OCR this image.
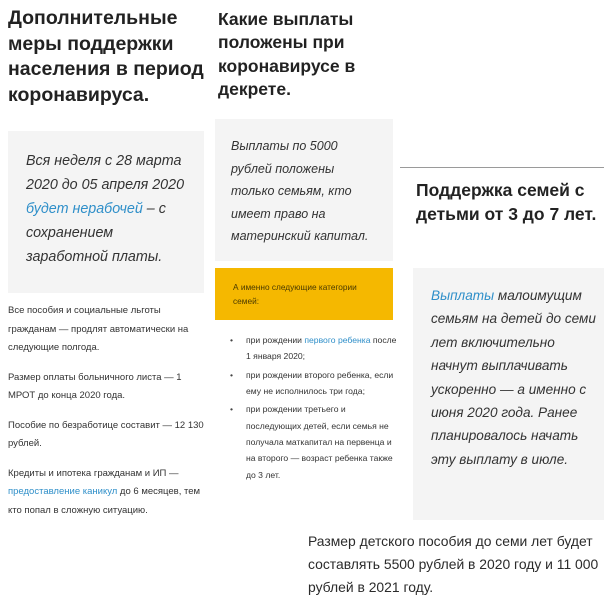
Дополнительные меры поддержки населения в период коронавируса.
Вся неделя с 28 марта 2020 до 05 апреля 2020 будет нерабочей – с сохранением заработной платы.

Все пособия и социальные льготы гражданам — продлят автоматически на следующие полгода.

Размер оплаты больничного листа — 1 МРОТ до конца 2020 года.

Пособие по безработице составит — 12 130 рублей.

Кредиты и ипотека гражданам и ИП — предоставление каникул до 6 месяцев, тем кто попал в сложную ситуацию.

Какие выплаты положены при коронавирусе в декрете.
Выплаты по 5000 рублей положены только семьям, кто имеет право на материнский капитал.
А именно следующие категории семей:
• при рождении первого ребенка после 1 января 2020;
• при рождении второго ребенка, если ему не исполнилось три года;
• при рождении третьего и последующих детей, если семья не получала маткапитал на первенца и на второго — возраст ребенка также до 3 лет.
Поддержка семей с детьми от 3 до 7 лет.
Выплаты малоимущим семьям на детей до семи лет включительно начнут выплачивать ускоренно — а именно с июня 2020 года. Ранее планировалось начать эту выплату в июле.
Размер детского пособия до семи лет будет составлять 5500 рублей в 2020 году и 11 000 рублей в 2021 году.
